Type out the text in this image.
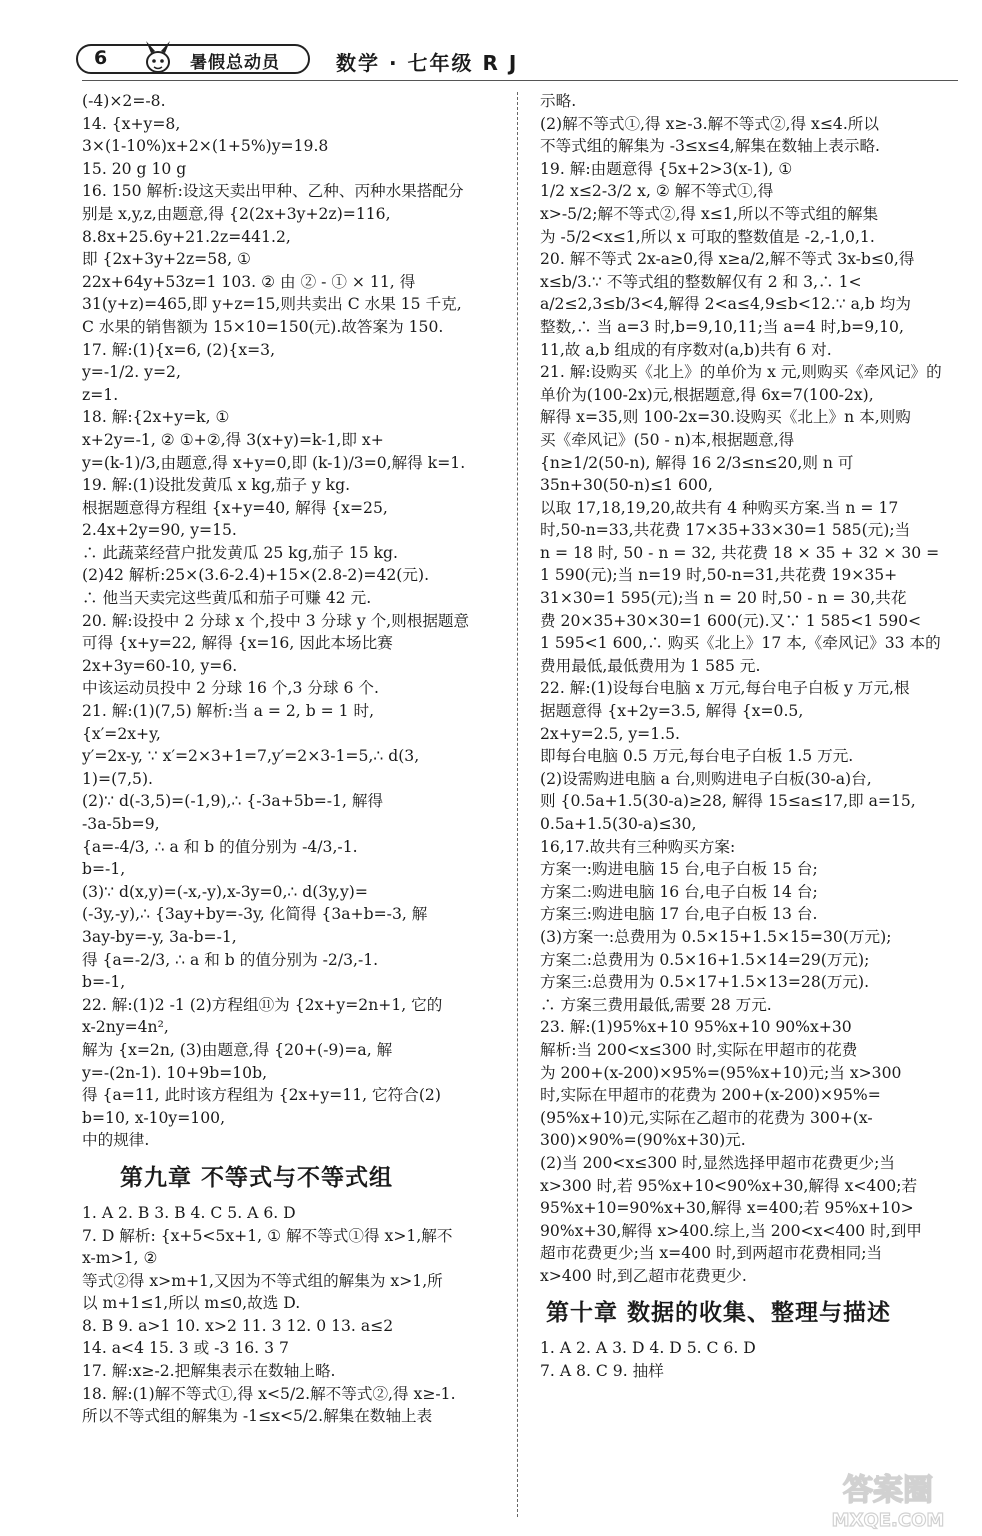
6	暑假总动员	数学 · 七年级 R J
(-4)×2=-8.
14. {x+y=8,
3×(1-10%)x+2×(1+5%)y=19.8
15. 20 g 10 g
16. 150 解析:设这天卖出甲种、乙种、丙种水果搭配分
别是 x,y,z,由题意,得 {2(2x+3y+2z)=116,
8.8x+25.6y+21.2z=441.2,
即 {2x+3y+2z=58, ①
22x+64y+53z=1 103. ② 由 ② - ① × 11, 得
31(y+z)=465,即 y+z=15,则共卖出 C 水果 15 千克,
C 水果的销售额为 15×10=150(元).故答案为 150.
17. 解:(1){x=6, (2){x=3,
y=-1/2. y=2,
z=1.
18. 解:{2x+y=k, ①
x+2y=-1, ② ①+②,得 3(x+y)=k-1,即 x+
y=(k-1)/3,由题意,得 x+y=0,即 (k-1)/3=0,解得 k=1.
19. 解:(1)设批发黄瓜 x kg,茄子 y kg.
根据题意得方程组 {x+y=40, 解得 {x=25,
2.4x+2y=90, y=15.
∴ 此蔬菜经营户批发黄瓜 25 kg,茄子 15 kg.
(2)42 解析:25×(3.6-2.4)+15×(2.8-2)=42(元).
∴ 他当天卖完这些黄瓜和茄子可赚 42 元.
20. 解:设投中 2 分球 x 个,投中 3 分球 y 个,则根据题意
可得 {x+y=22, 解得 {x=16, 因此本场比赛
2x+3y=60-10, y=6.
中该运动员投中 2 分球 16 个,3 分球 6 个.
21. 解:(1)(7,5) 解析:当 a = 2, b = 1 时,
{x′=2x+y,
y′=2x-y, ∵ x′=2×3+1=7,y′=2×3-1=5,∴ d(3,
1)=(7,5).
(2)∵ d(-3,5)=(-1,9),∴ {-3a+5b=-1, 解得
-3a-5b=9,
{a=-4/3, ∴ a 和 b 的值分别为 -4/3,-1.
b=-1,
(3)∵ d(x,y)=(-x,-y),x-3y=0,∴ d(3y,y)=
(-3y,-y),∴ {3ay+by=-3y, 化简得 {3a+b=-3, 解
3ay-by=-y, 3a-b=-1,
得 {a=-2/3, ∴ a 和 b 的值分别为 -2/3,-1.
b=-1,
22. 解:(1)2 -1 (2)方程组⑪为 {2x+y=2n+1, 它的
x-2ny=4n²,
解为 {x=2n, (3)由题意,得 {20+(-9)=a, 解
y=-(2n-1). 10+9b=10b,
得 {a=11, 此时该方程组为 {2x+y=11, 它符合(2)
b=10, x-10y=100,
中的规律.
第九章 不等式与不等式组
1. A 2. B 3. B 4. C 5. A 6. D
7. D 解析: {x+5<5x+1, ① 解不等式①得 x>1,解不
x-m>1, ②
等式②得 x>m+1,又因为不等式组的解集为 x>1,所
以 m+1≤1,所以 m≤0,故选 D.
8. B 9. a>1 10. x>2 11. 3 12. 0 13. a≤2
14. a<4 15. 3 或 -3 16. 3 7
17. 解:x≥-2.把解集表示在数轴上略.
18. 解:(1)解不等式①,得 x<5/2.解不等式②,得 x≥-1.
所以不等式组的解集为 -1≤x<5/2.解集在数轴上表
示略.
(2)解不等式①,得 x≥-3.解不等式②,得 x≤4.所以
不等式组的解集为 -3≤x≤4,解集在数轴上表示略.
19. 解:由题意得 {5x+2>3(x-1), ①
1/2 x≤2-3/2 x, ② 解不等式①,得
x>-5/2;解不等式②,得 x≤1,所以不等式组的解集
为 -5/2<x≤1,所以 x 可取的整数值是 -2,-1,0,1.
20. 解不等式 2x-a≥0,得 x≥a/2,解不等式 3x-b≤0,得
x≤b/3.∵ 不等式组的整数解仅有 2 和 3,∴ 1<
a/2≤2,3≤b/3<4,解得 2<a≤4,9≤b<12.∵ a,b 均为
整数,∴ 当 a=3 时,b=9,10,11;当 a=4 时,b=9,10,
11,故 a,b 组成的有序数对(a,b)共有 6 对.
21. 解:设购买《北上》的单价为 x 元,则购买《牵风记》的
单价为(100-2x)元,根据题意,得 6x=7(100-2x),
解得 x=35,则 100-2x=30.设购买《北上》n 本,则购
买《牵风记》(50 - n)本,根据题意,得
{n≥1/2(50-n), 解得 16 2/3≤n≤20,则 n 可
35n+30(50-n)≤1 600,
以取 17,18,19,20,故共有 4 种购买方案.当 n = 17
时,50-n=33,共花费 17×35+33×30=1 585(元);当
n = 18 时, 50 - n = 32, 共花费 18 × 35 + 32 × 30 =
1 590(元);当 n=19 时,50-n=31,共花费 19×35+
31×30=1 595(元);当 n = 20 时,50 - n = 30,共花
费 20×35+30×30=1 600(元).又∵ 1 585<1 590<
1 595<1 600,∴ 购买《北上》17 本,《牵风记》33 本的
费用最低,最低费用为 1 585 元.
22. 解:(1)设每台电脑 x 万元,每台电子白板 y 万元,根
据题意得 {x+2y=3.5, 解得 {x=0.5,
2x+y=2.5, y=1.5.
即每台电脑 0.5 万元,每台电子白板 1.5 万元.
(2)设需购进电脑 a 台,则购进电子白板(30-a)台,
则 {0.5a+1.5(30-a)≥28, 解得 15≤a≤17,即 a=15,
0.5a+1.5(30-a)≤30,
16,17.故共有三种购买方案:
方案一:购进电脑 15 台,电子白板 15 台;
方案二:购进电脑 16 台,电子白板 14 台;
方案三:购进电脑 17 台,电子白板 13 台.
(3)方案一:总费用为 0.5×15+1.5×15=30(万元);
方案二:总费用为 0.5×16+1.5×14=29(万元);
方案三:总费用为 0.5×17+1.5×13=28(万元).
∴ 方案三费用最低,需要 28 万元.
23. 解:(1)95%x+10 95%x+10 90%x+30
解析:当 200<x≤300 时,实际在甲超市的花费
为 200+(x-200)×95%=(95%x+10)元;当 x>300
时,实际在甲超市的花费为 200+(x-200)×95%=
(95%x+10)元,实际在乙超市的花费为 300+(x-
300)×90%=(90%x+30)元.
(2)当 200<x≤300 时,显然选择甲超市花费更少;当
x>300 时,若 95%x+10<90%x+30,解得 x<400;若
95%x+10=90%x+30,解得 x=400;若 95%x+10>
90%x+30,解得 x>400.综上,当 200<x<400 时,到甲
超市花费更少;当 x=400 时,到两超市花费相同;当
x>400 时,到乙超市花费更少.
第十章 数据的收集、整理与描述
1. A 2. A 3. D 4. D 5. C 6. D
7. A 8. C 9. 抽样
答案圈
MXQE.COM
